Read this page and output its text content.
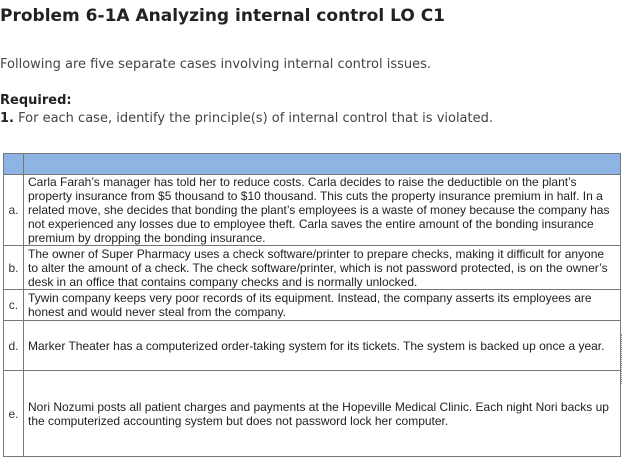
Problem 6-1A Analyzing internal control LO C1
Following are five separate cases involving internal control issues.
Required:
1. For each case, identify the principle(s) of internal control that is violated.

a.	Carla Farah’s manager has told her to reduce costs. Carla decides to raise the deductible on the plant’s property insurance from $5 thousand to $10 thousand. This cuts the property insurance premium in half. In a related move, she decides that bonding the plant’s employees is a waste of money because the company has not experienced any losses due to employee theft. Carla saves the entire amount of the bonding insurance premium by dropping the bonding insurance.
b.	The owner of Super Pharmacy uses a check software/printer to prepare checks, making it difficult for anyone to alter the amount of a check. The check software/printer, which is not password protected, is on the owner’s desk in an office that contains company checks and is normally unlocked.
c.	Tywin company keeps very poor records of its equipment. Instead, the company asserts its employees are honest and would never steal from the company.
d.	Marker Theater has a computerized order-taking system for its tickets. The system is backed up once a year.
e.	Nori Nozumi posts all patient charges and payments at the Hopeville Medical Clinic. Each night Nori backs up the computerized accounting system but does not password lock her computer.
